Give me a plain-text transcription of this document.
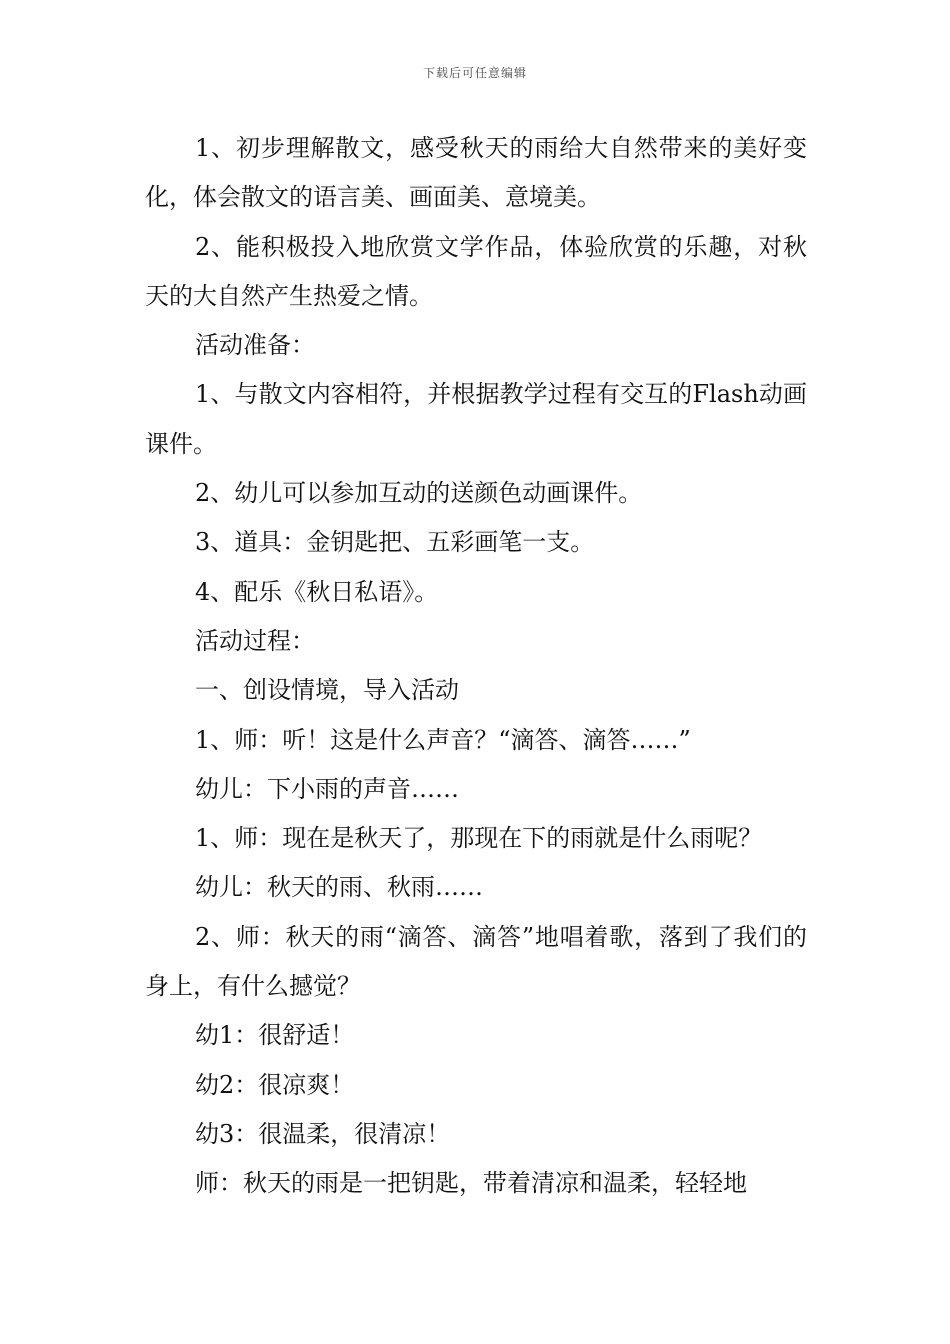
下载后可任意编辑

1、初步理解散文，感受秋天的雨给大自然带来的美好变化，体会散文的语言美、画面美、意境美。

2、能积极投入地欣赏文学作品，体验欣赏的乐趣，对秋天的大自然产生热爱之情。

活动准备：

1、与散文内容相符，并根据教学过程有交互的Flash动画课件。

2、幼儿可以参加互动的送颜色动画课件。

3、道具：金钥匙把、五彩画笔一支。

4、配乐《秋日私语》。

活动过程：

一、创设情境，导入活动

1、师：听！这是什么声音？“滴答、滴答……”

幼儿：下小雨的声音……

1、师：现在是秋天了，那现在下的雨就是什么雨呢？

幼儿：秋天的雨、秋雨……

2、师：秋天的雨“滴答、滴答”地唱着歌，落到了我们的身上，有什么撼觉？

幼1：很舒适！

幼2：很凉爽！

幼3：很温柔，很清凉！

师：秋天的雨是一把钥匙，带着清凉和温柔，轻轻地
